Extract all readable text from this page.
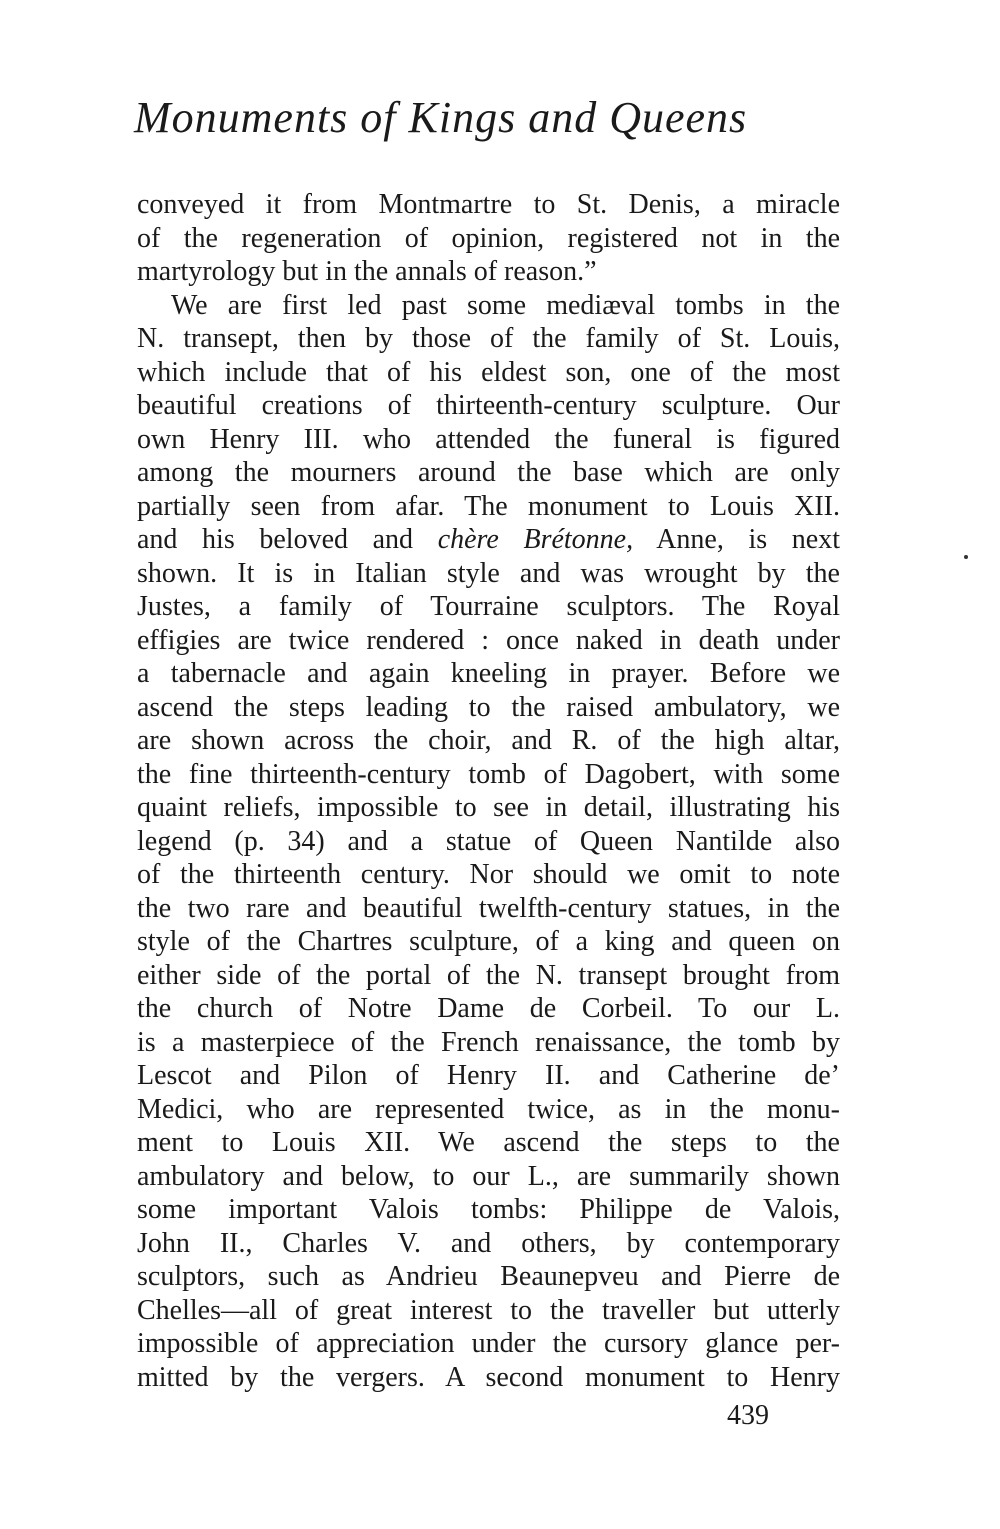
Monuments of Kings and Queens
conveyed it from Montmartre to St. Denis, a miracle
of the regeneration of opinion, registered not in the
martyrology but in the annals of reason.”
We are first led past some mediæval tombs in the
N. transept, then by those of the family of St. Louis,
which include that of his eldest son, one of the most
beautiful creations of thirteenth-century sculpture. Our
own Henry III. who attended the funeral is figured
among the mourners around the base which are only
partially seen from afar. The monument to Louis XII.
and his beloved and chère Brétonne, Anne, is next
shown. It is in Italian style and was wrought by the
Justes, a family of Tourraine sculptors. The Royal
effigies are twice rendered : once naked in death under
a tabernacle and again kneeling in prayer. Before we
ascend the steps leading to the raised ambulatory, we
are shown across the choir, and R. of the high altar,
the fine thirteenth-century tomb of Dagobert, with some
quaint reliefs, impossible to see in detail, illustrating his
legend (p. 34) and a statue of Queen Nantilde also
of the thirteenth century. Nor should we omit to note
the two rare and beautiful twelfth-century statues, in the
style of the Chartres sculpture, of a king and queen on
either side of the portal of the N. transept brought from
the church of Notre Dame de Corbeil. To our L.
is a masterpiece of the French renaissance, the tomb by
Lescot and Pilon of Henry II. and Catherine de’
Medici, who are represented twice, as in the monu-
ment to Louis XII. We ascend the steps to the
ambulatory and below, to our L., are summarily shown
some important Valois tombs: Philippe de Valois,
John II., Charles V. and others, by contemporary
sculptors, such as Andrieu Beaunepveu and Pierre de
Chelles—all of great interest to the traveller but utterly
impossible of appreciation under the cursory glance per-
mitted by the vergers. A second monument to Henry
439
